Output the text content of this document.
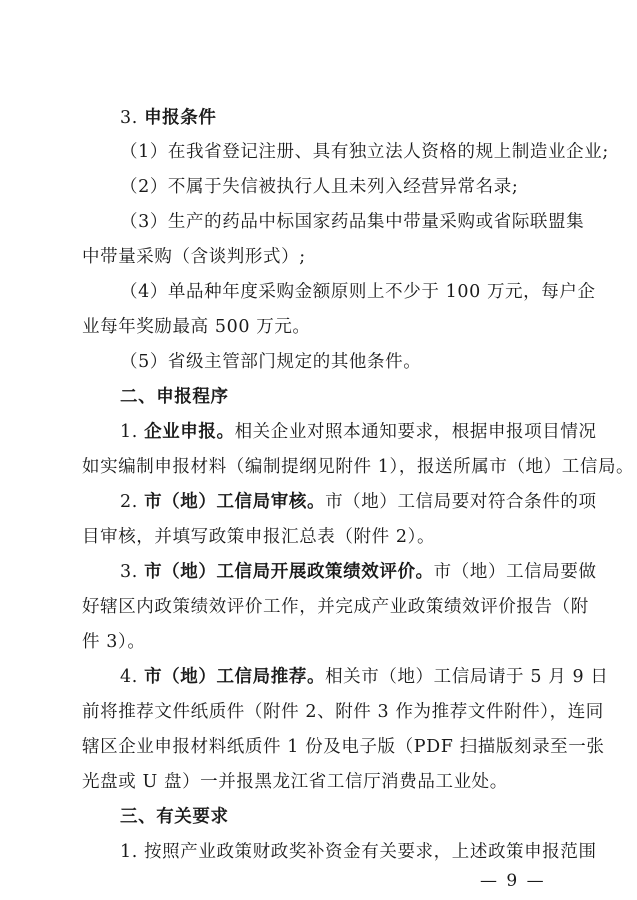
3. 申报条件
（1）在我省登记注册、具有独立法人资格的规上制造业企业;
（2）不属于失信被执行人且未列入经营异常名录;
（3）生产的药品中标国家药品集中带量采购或省际联盟集
中带量采购（含谈判形式）;
（4）单品种年度采购金额原则上不少于 100 万元，每户企
业每年奖励最高 500 万元。
（5）省级主管部门规定的其他条件。
二、申报程序
1. 企业申报。相关企业对照本通知要求，根据申报项目情况
如实编制申报材料（编制提纲见附件 1），报送所属市（地）工信局。
2. 市（地）工信局审核。市（地）工信局要对符合条件的项
目审核，并填写政策申报汇总表（附件 2）。
3. 市（地）工信局开展政策绩效评价。市（地）工信局要做
好辖区内政策绩效评价工作，并完成产业政策绩效评价报告（附
件 3）。
4. 市（地）工信局推荐。相关市（地）工信局请于 5 月 9 日
前将推荐文件纸质件（附件 2、附件 3 作为推荐文件附件），连同
辖区企业申报材料纸质件 1 份及电子版（PDF 扫描版刻录至一张
光盘或 U 盘）一并报黑龙江省工信厅消费品工业处。
三、有关要求
1. 按照产业政策财政奖补资金有关要求，上述政策申报范围
— 9 —
